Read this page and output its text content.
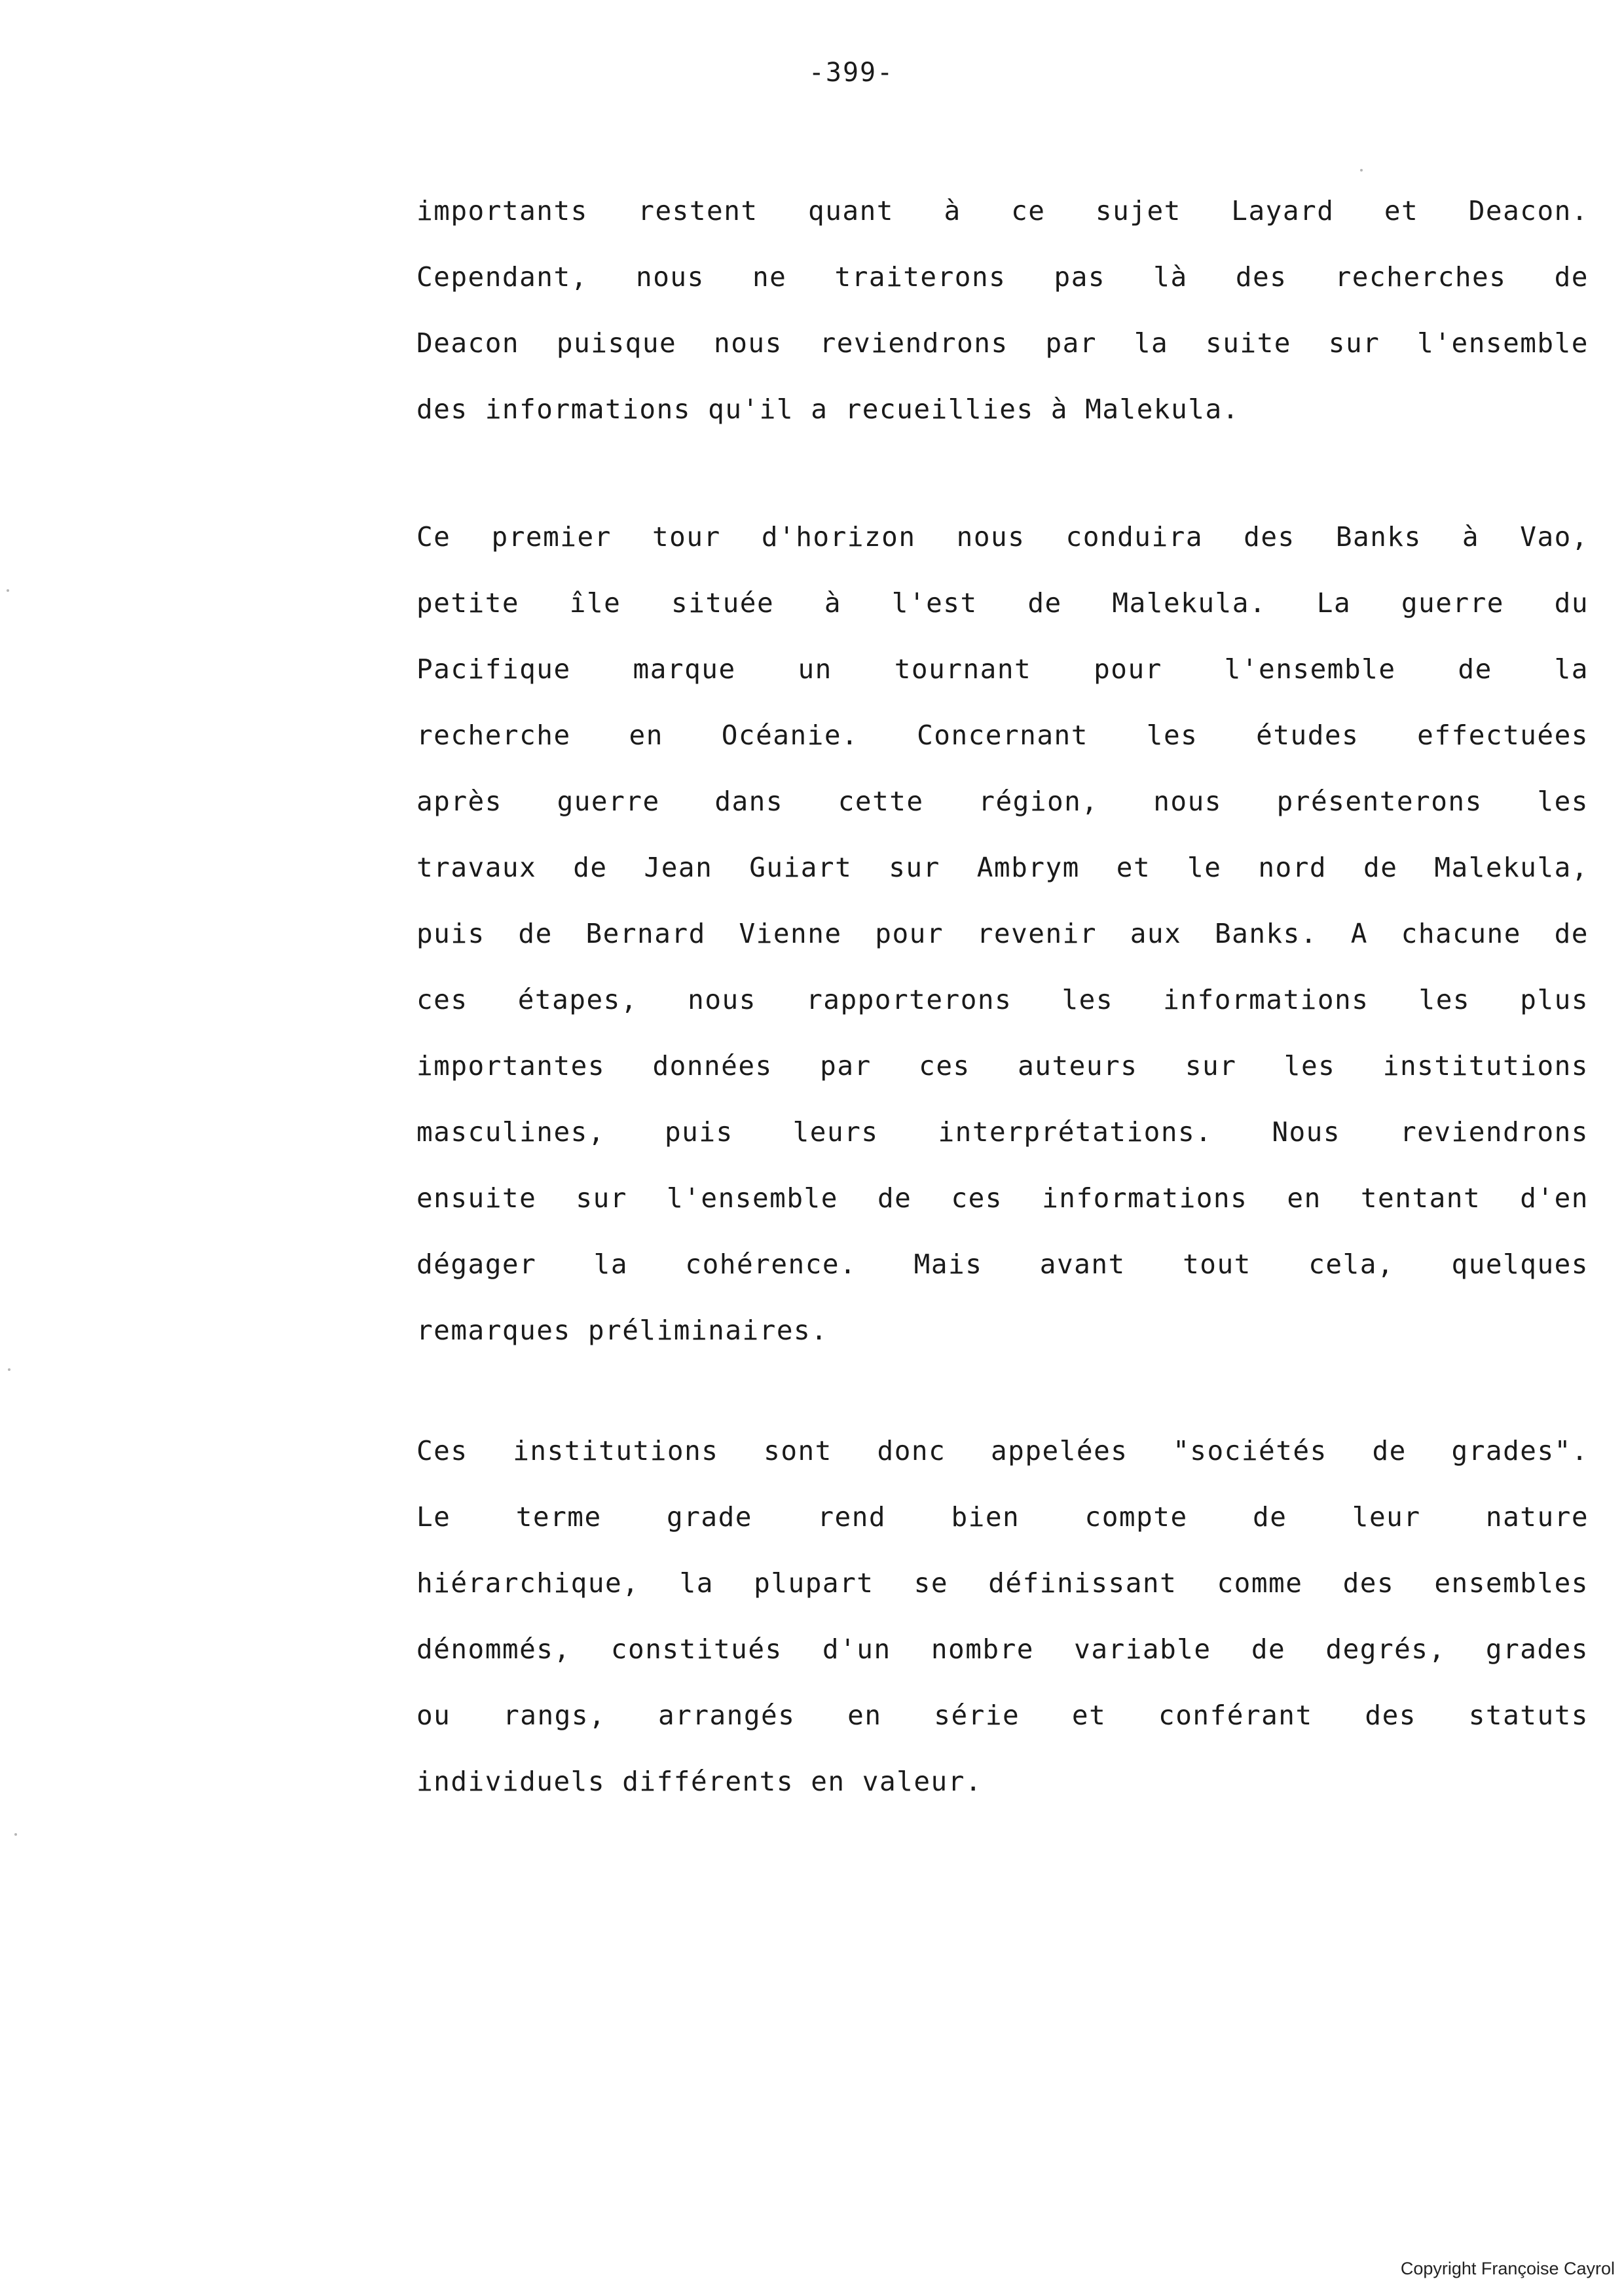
-399-
importants restent quant à ce sujet Layard et Deacon.
Cependant, nous ne traiterons pas là des recherches de
Deacon puisque nous reviendrons par la suite sur l'ensemble
des informations qu'il a recueillies à Malekula.
Ce premier tour d'horizon nous conduira des Banks à Vao,
petite île située à l'est de Malekula. La guerre du
Pacifique marque un tournant pour l'ensemble de la
recherche en Océanie. Concernant les études effectuées
après guerre dans cette région, nous présenterons les
travaux de Jean Guiart sur Ambrym et le nord de Malekula,
puis de Bernard Vienne pour revenir aux Banks. A chacune de
ces étapes, nous rapporterons les informations les plus
importantes données par ces auteurs sur les institutions
masculines, puis leurs interprétations. Nous reviendrons
ensuite sur l'ensemble de ces informations en tentant d'en
dégager la cohérence. Mais avant tout cela, quelques
remarques préliminaires.
Ces institutions sont donc appelées "sociétés de grades".
Le terme grade rend bien compte de leur nature
hiérarchique, la plupart se définissant comme des ensembles
dénommés, constitués d'un nombre variable de degrés, grades
ou rangs, arrangés en série et conférant des statuts
individuels différents en valeur.
Copyright Françoise Cayrol
